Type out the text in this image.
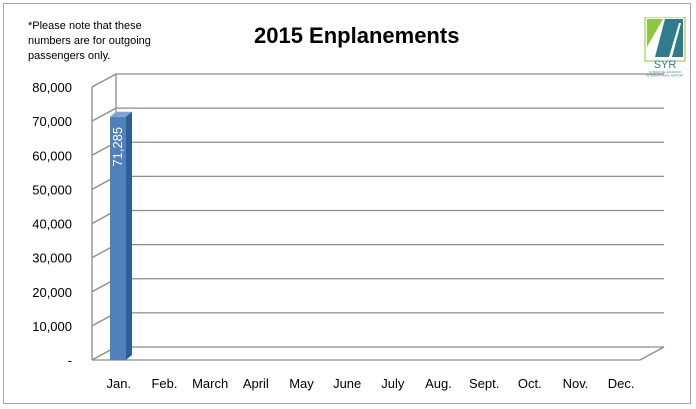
*Please note that these
numbers are for outgoing
passengers only.
2015 Enplanements
SYR
SYRACUSE HANCOCK
INTERNATIONAL AIRPORT
71,285
-
10,000
20,000
30,000
40,000
50,000
60,000
70,000
80,000
Jan. Feb. March April May June July Aug. Sept. Oct. Nov. Dec.
